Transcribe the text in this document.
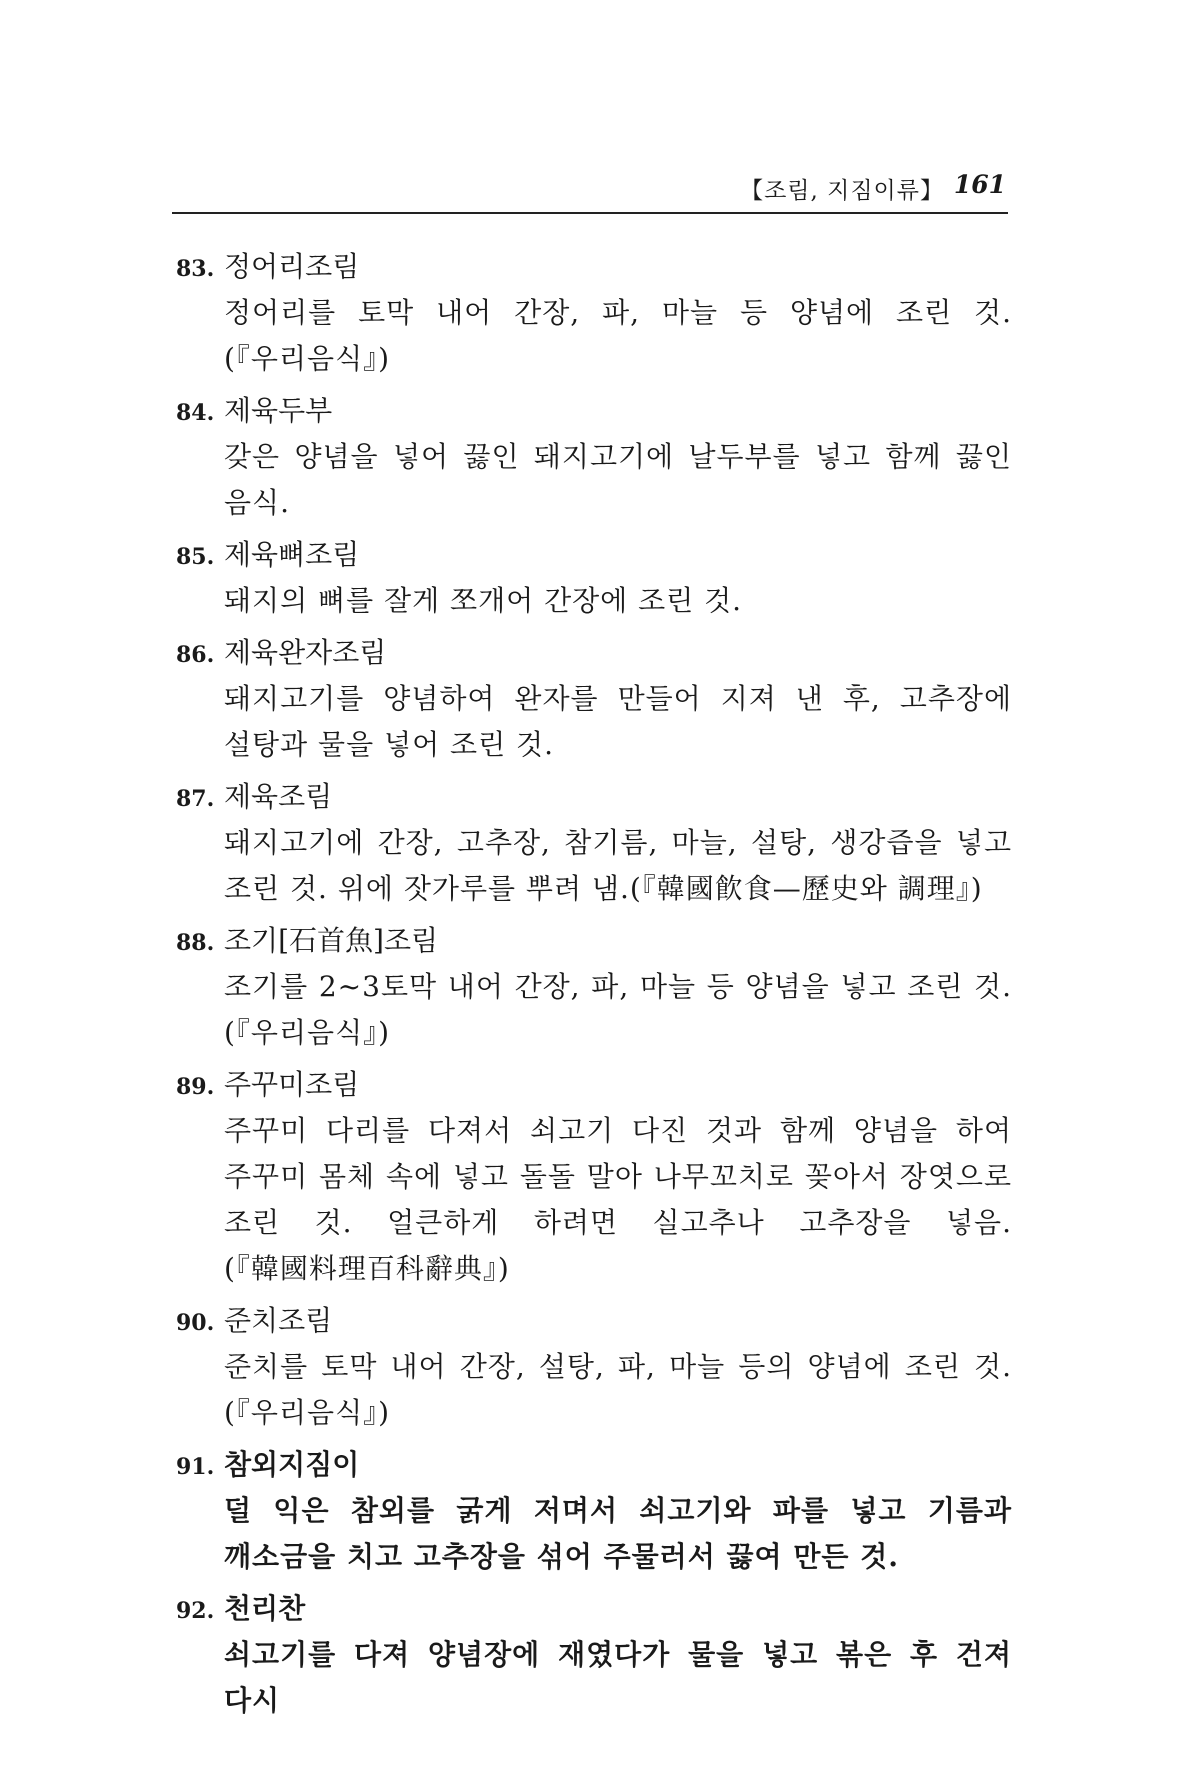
【조림, 지짐이류】 161
83. 정어리조림
정어리를 토막 내어 간장, 파, 마늘 등 양념에 조린 것.(『우리음식』)
84. 제육두부
갖은 양념을 넣어 끓인 돼지고기에 날두부를 넣고 함께 끓인 음식.
85. 제육뼈조림
돼지의 뼈를 잘게 쪼개어 간장에 조린 것.
86. 제육완자조림
돼지고기를 양념하여 완자를 만들어 지져 낸 후, 고추장에 설탕과 물을 넣어 조린 것.
87. 제육조림
돼지고기에 간장, 고추장, 참기름, 마늘, 설탕, 생강즙을 넣고 조린 것. 위에 잣가루를 뿌려 냄.(『韓國飮食—歷史와 調理』)
88. 조기[石首魚]조림
조기를 2~3토막 내어 간장, 파, 마늘 등 양념을 넣고 조린 것.(『우리음식』)
89. 주꾸미조림
주꾸미 다리를 다져서 쇠고기 다진 것과 함께 양념을 하여 주꾸미 몸체 속에 넣고 돌돌 말아 나무꼬치로 꽂아서 장엿으로 조린 것. 얼큰하게 하려면 실고추나 고추장을 넣음.(『韓國料理百科辭典』)
90. 준치조림
준치를 토막 내어 간장, 설탕, 파, 마늘 등의 양념에 조린 것.(『우리음식』)
91. 참외지짐이
덜 익은 참외를 굵게 저며서 쇠고기와 파를 넣고 기름과 깨소금을 치고 고추장을 섞어 주물러서 끓여 만든 것.
92. 천리찬
쇠고기를 다져 양념장에 재였다가 물을 넣고 볶은 후 건져 다시
